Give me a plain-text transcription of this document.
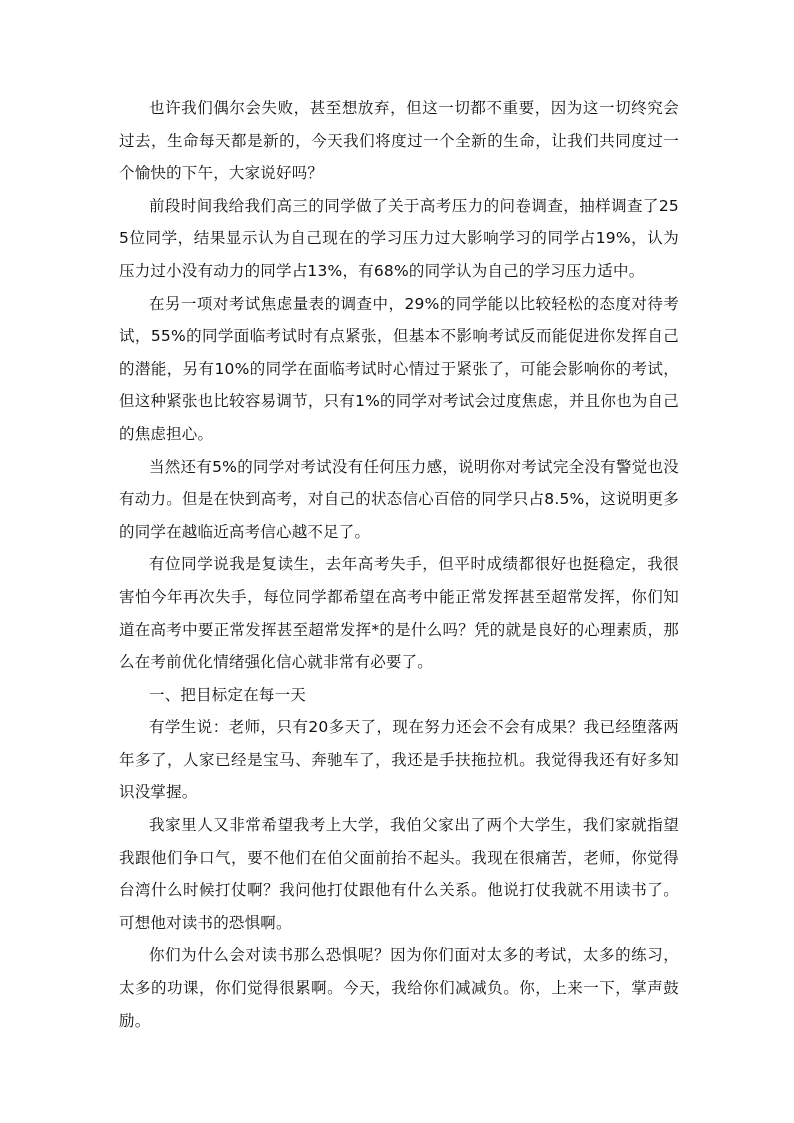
也许我们偶尔会失败，甚至想放弃，但这一切都不重要，因为这一切终究会过去，生命每天都是新的，今天我们将度过一个全新的生命，让我们共同度过一个愉快的下午，大家说好吗？

前段时间我给我们高三的同学做了关于高考压力的问卷调查，抽样调查了255位同学，结果显示认为自己现在的学习压力过大影响学习的同学占19%，认为压力过小没有动力的同学占13%，有68%的同学认为自己的学习压力适中。

在另一项对考试焦虑量表的调查中，29%的同学能以比较轻松的态度对待考试，55%的同学面临考试时有点紧张，但基本不影响考试反而能促进你发挥自己的潜能，另有10%的同学在面临考试时心情过于紧张了，可能会影响你的考试，但这种紧张也比较容易调节，只有1%的同学对考试会过度焦虑，并且你也为自己的焦虑担心。

当然还有5%的同学对考试没有任何压力感，说明你对考试完全没有警觉也没有动力。但是在快到高考，对自己的状态信心百倍的同学只占8.5%，这说明更多的同学在越临近高考信心越不足了。

有位同学说我是复读生，去年高考失手，但平时成绩都很好也挺稳定，我很害怕今年再次失手，每位同学都希望在高考中能正常发挥甚至超常发挥，你们知道在高考中要正常发挥甚至超常发挥*的是什么吗？凭的就是良好的心理素质，那么在考前优化情绪强化信心就非常有必要了。

一、把目标定在每一天

有学生说：老师，只有20多天了，现在努力还会不会有成果？我已经堕落两年多了，人家已经是宝马、奔驰车了，我还是手扶拖拉机。我觉得我还有好多知识没掌握。

我家里人又非常希望我考上大学，我伯父家出了两个大学生，我们家就指望我跟他们争口气，要不他们在伯父面前抬不起头。我现在很痛苦，老师，你觉得台湾什么时候打仗啊？我问他打仗跟他有什么关系。他说打仗我就不用读书了。可想他对读书的恐惧啊。

你们为什么会对读书那么恐惧呢？因为你们面对太多的考试，太多的练习，太多的功课，你们觉得很累啊。今天，我给你们减减负。你，上来一下，掌声鼓励。
